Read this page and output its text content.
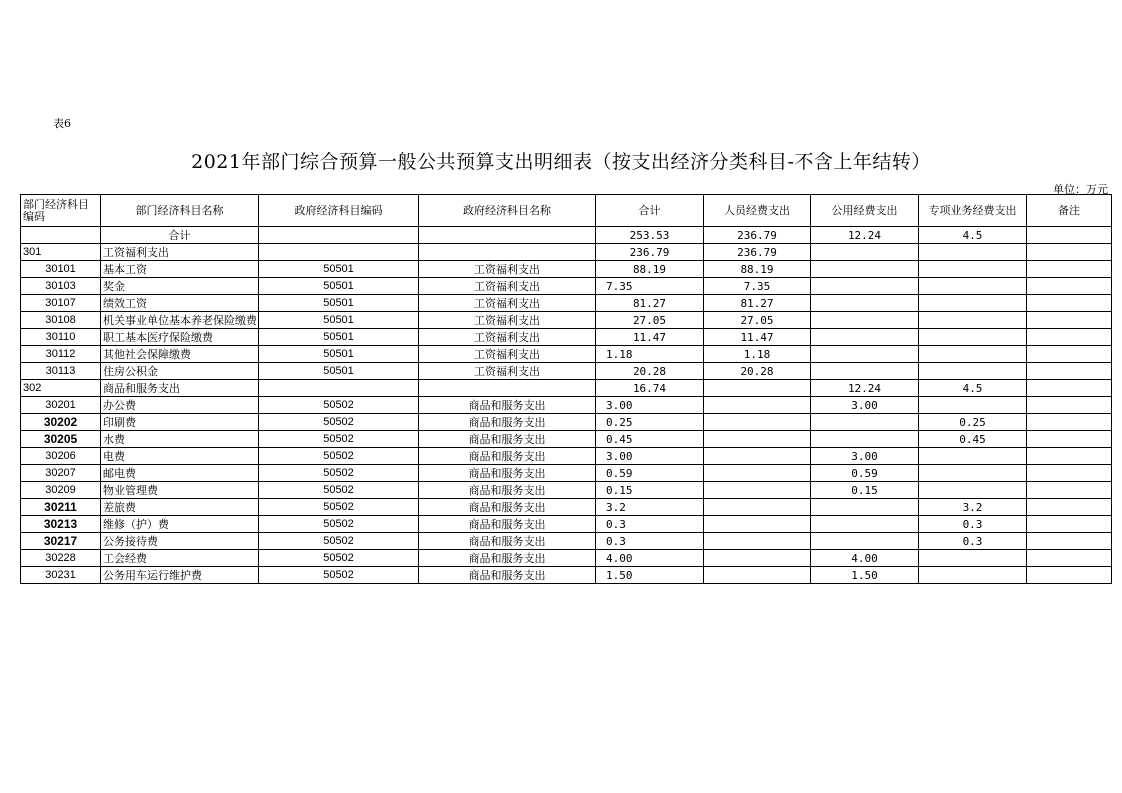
表6
2021年部门综合预算一般公共预算支出明细表（按支出经济分类科目-不含上年结转）
单位：万元
部门经济科目编码	部门经济科目名称	政府经济科目编码	政府经济科目名称	合计	人员经费支出	公用经费支出	专项业务经费支出	备注
	合计			253.53	236.79	12.24	4.5	
301	工资福利支出			236.79	236.79			
30101	基本工资	50501	工资福利支出	88.19	88.19			
30103	奖金	50501	工资福利支出	7.35	7.35			
30107	绩效工资	50501	工资福利支出	81.27	81.27			
30108	机关事业单位基本养老保险缴费	50501	工资福利支出	27.05	27.05			
30110	职工基本医疗保险缴费	50501	工资福利支出	11.47	11.47			
30112	其他社会保障缴费	50501	工资福利支出	1.18	1.18			
30113	住房公积金	50501	工资福利支出	20.28	20.28			
302	商品和服务支出			16.74		12.24	4.5	
30201	办公费	50502	商品和服务支出	3.00		3.00		
30202	印刷费	50502	商品和服务支出	0.25			0.25	
30205	水费	50502	商品和服务支出	0.45			0.45	
30206	电费	50502	商品和服务支出	3.00		3.00		
30207	邮电费	50502	商品和服务支出	0.59		0.59		
30209	物业管理费	50502	商品和服务支出	0.15		0.15		
30211	差旅费	50502	商品和服务支出	3.2			3.2	
30213	维修（护）费	50502	商品和服务支出	0.3			0.3	
30217	公务接待费	50502	商品和服务支出	0.3			0.3	
30228	工会经费	50502	商品和服务支出	4.00		4.00		
30231	公务用车运行维护费	50502	商品和服务支出	1.50		1.50		
